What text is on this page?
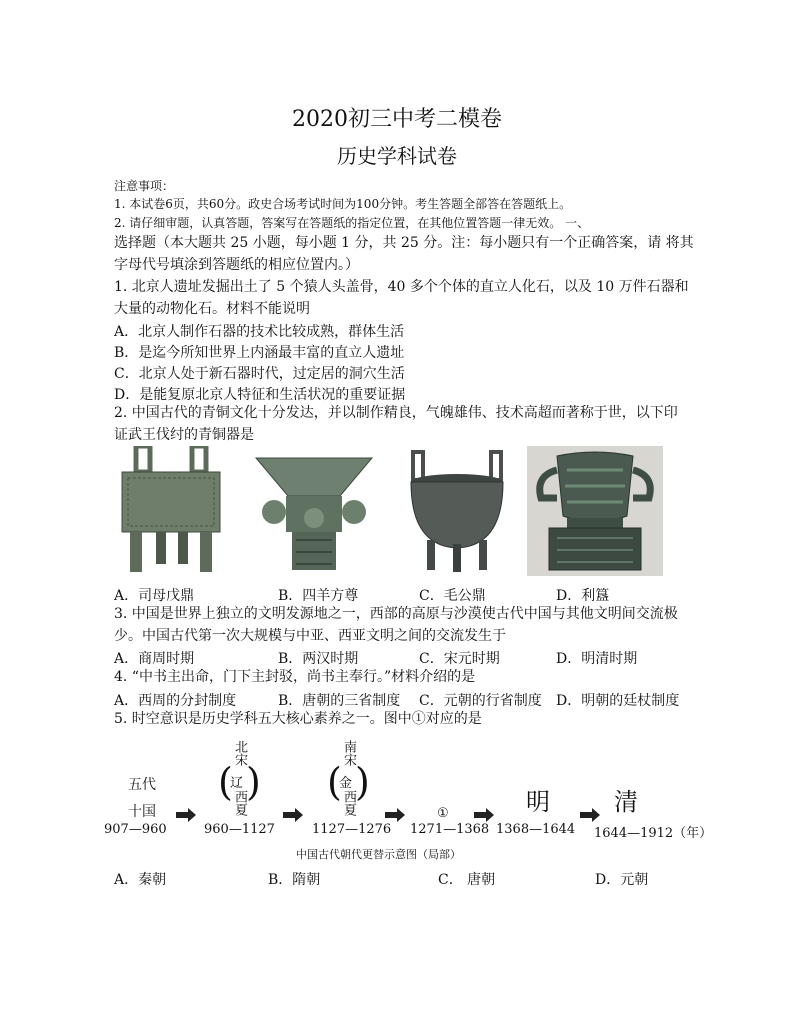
2020初三中考二模卷
历史学科试卷
注意事项：
1. 本试卷6页，共60分。政史合场考试时间为100分钟。考生答题全部答在答题纸上。
2. 请仔细审题，认真答题，答案写在答题纸的指定位置，在其他位置答题一律无效。 一、
选择题（本大题共 25 小题，每小题 1 分，共 25 分。注：每小题只有一个正确答案，请 将其
字母代号填涂到答题纸的相应位置内。）
1. 北京人遗址发掘出土了 5 个猿人头盖骨，40 多个个体的直立人化石，以及 10 万件石器和
大量的动物化石。材料不能说明
A．北京人制作石器的技术比较成熟，群体生活
B．是迄今所知世界上内涵最丰富的直立人遗址
C．北京人处于新石器时代，过定居的洞穴生活
D．是能复原北京人特征和生活状况的重要证据
2. 中国古代的青铜文化十分发达，并以制作精良，气魄雄伟、技术高超而著称于世，以下印
证武王伐纣的青铜器是
A．司母戊鼎	B．四羊方尊	C．毛公鼎	D．利簋
3. 中国是世界上独立的文明发源地之一，西部的高原与沙漠使古代中国与其他文明间交流极
少。中国古代第一次大规模与中亚、西亚文明之间的交流发生于
A．商周时期	B．两汉时期	C．宋元时期	D．明清时期
4. “中书主出命，门下主封驳，尚书主奉行。”材料介绍的是
A．西周的分封制度	B．唐朝的三省制度 C．元朝的行省制度 D．明朝的廷杖制度
5. 时空意识是历史学科五大核心素养之一。图中①对应的是
五代
十国
北宋
辽
西夏
( )
南宋
金
西夏
( )
①	明	清
907—960	960—1127	1127—1276 1271—1368 1368—1644 1644—1912（年）
中国古代朝代更替示意图（局部）
A．秦朝	B．隋朝	C． 唐朝	D．元朝
